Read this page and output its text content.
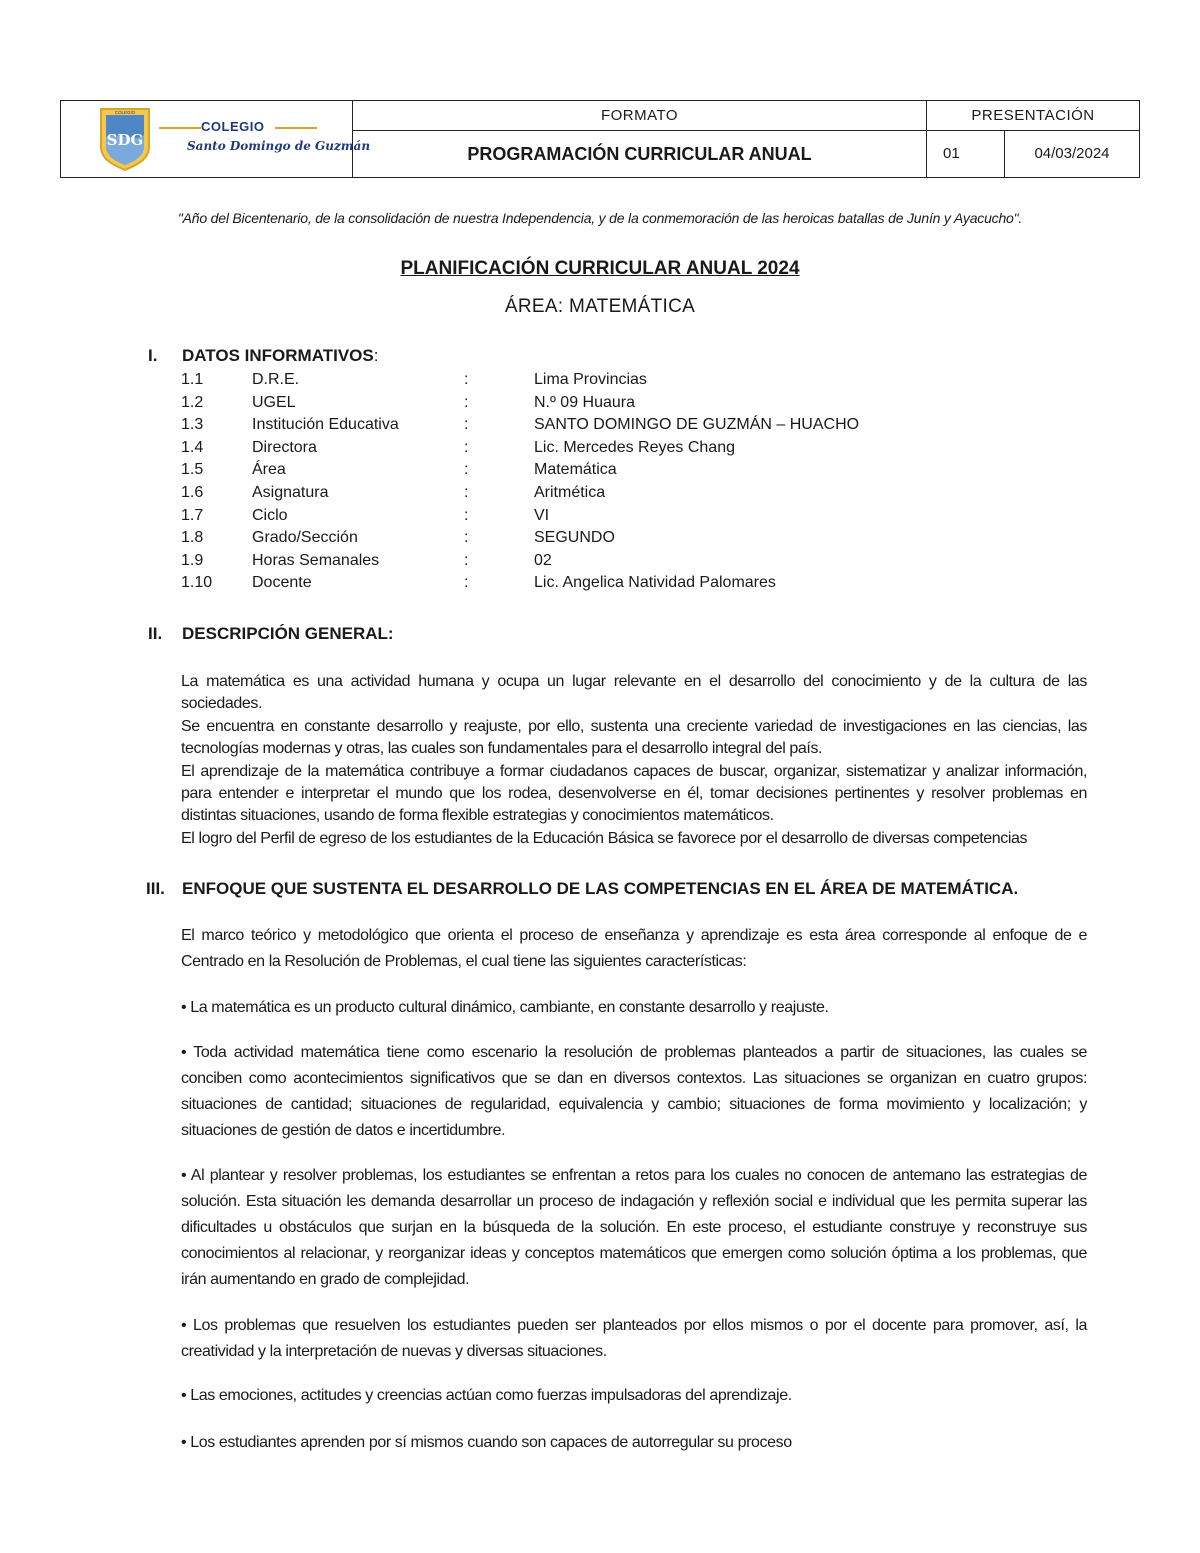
COLEGIO
SDG
COLEGIO
Santo Domingo de Guzmán
FORMATO
PROGRAMACIÓN CURRICULAR ANUAL
PRESENTACIÓN
01	04/03/2024
"Año del Bicentenario, de la consolidación de nuestra Independencia, y de la conmemoración de las heroicas batallas de Junín y Ayacucho".
PLANIFICACIÓN CURRICULAR ANUAL 2024
ÁREA: MATEMÁTICA
I. DATOS INFORMATIVOS:
1.1	D.R.E.	:	Lima Provincias
1.2	UGEL	:	N.º 09 Huaura
1.3	Institución Educativa	:	SANTO DOMINGO DE GUZMÁN – HUACHO
1.4	Directora	:	Lic. Mercedes Reyes Chang
1.5	Área	:	Matemática
1.6	Asignatura	:	Aritmética
1.7	Ciclo	:	VI
1.8	Grado/Sección	:	SEGUNDO
1.9	Horas Semanales	:	02
1.10 Docente	:	Lic. Angelica Natividad Palomares
II. DESCRIPCIÓN GENERAL:
La matemática es una actividad humana y ocupa un lugar relevante en el desarrollo del conocimiento y de la cultura de las sociedades.
Se encuentra en constante desarrollo y reajuste, por ello, sustenta una creciente variedad de investigaciones en las ciencias, las tecnologías modernas y otras, las cuales son fundamentales para el desarrollo integral del país.
El aprendizaje de la matemática contribuye a formar ciudadanos capaces de buscar, organizar, sistematizar y analizar información, para entender e interpretar el mundo que los rodea, desenvolverse en él, tomar decisiones pertinentes y resolver problemas en distintas situaciones, usando de forma flexible estrategias y conocimientos matemáticos.
El logro del Perfil de egreso de los estudiantes de la Educación Básica se favorece por el desarrollo de diversas competencias
III. ENFOQUE QUE SUSTENTA EL DESARROLLO DE LAS COMPETENCIAS EN EL ÁREA DE MATEMÁTICA.
El marco teórico y metodológico que orienta el proceso de enseñanza y aprendizaje es esta área corresponde al enfoque de e Centrado en la Resolución de Problemas, el cual tiene las siguientes características:
• La matemática es un producto cultural dinámico, cambiante, en constante desarrollo y reajuste.
• Toda actividad matemática tiene como escenario la resolución de problemas planteados a partir de situaciones, las cuales se conciben como acontecimientos significativos que se dan en diversos contextos. Las situaciones se organizan en cuatro grupos: situaciones de cantidad; situaciones de regularidad, equivalencia y cambio; situaciones de forma movimiento y localización; y situaciones de gestión de datos e incertidumbre.
• Al plantear y resolver problemas, los estudiantes se enfrentan a retos para los cuales no conocen de antemano las estrategias de solución. Esta situación les demanda desarrollar un proceso de indagación y reflexión social e individual que les permita superar las dificultades u obstáculos que surjan en la búsqueda de la solución. En este proceso, el estudiante construye y reconstruye sus conocimientos al relacionar, y reorganizar ideas y conceptos matemáticos que emergen como solución óptima a los problemas, que irán aumentando en grado de complejidad.
• Los problemas que resuelven los estudiantes pueden ser planteados por ellos mismos o por el docente para promover, así, la creatividad y la interpretación de nuevas y diversas situaciones.
• Las emociones, actitudes y creencias actúan como fuerzas impulsadoras del aprendizaje.
• Los estudiantes aprenden por sí mismos cuando son capaces de autorregular su proceso
